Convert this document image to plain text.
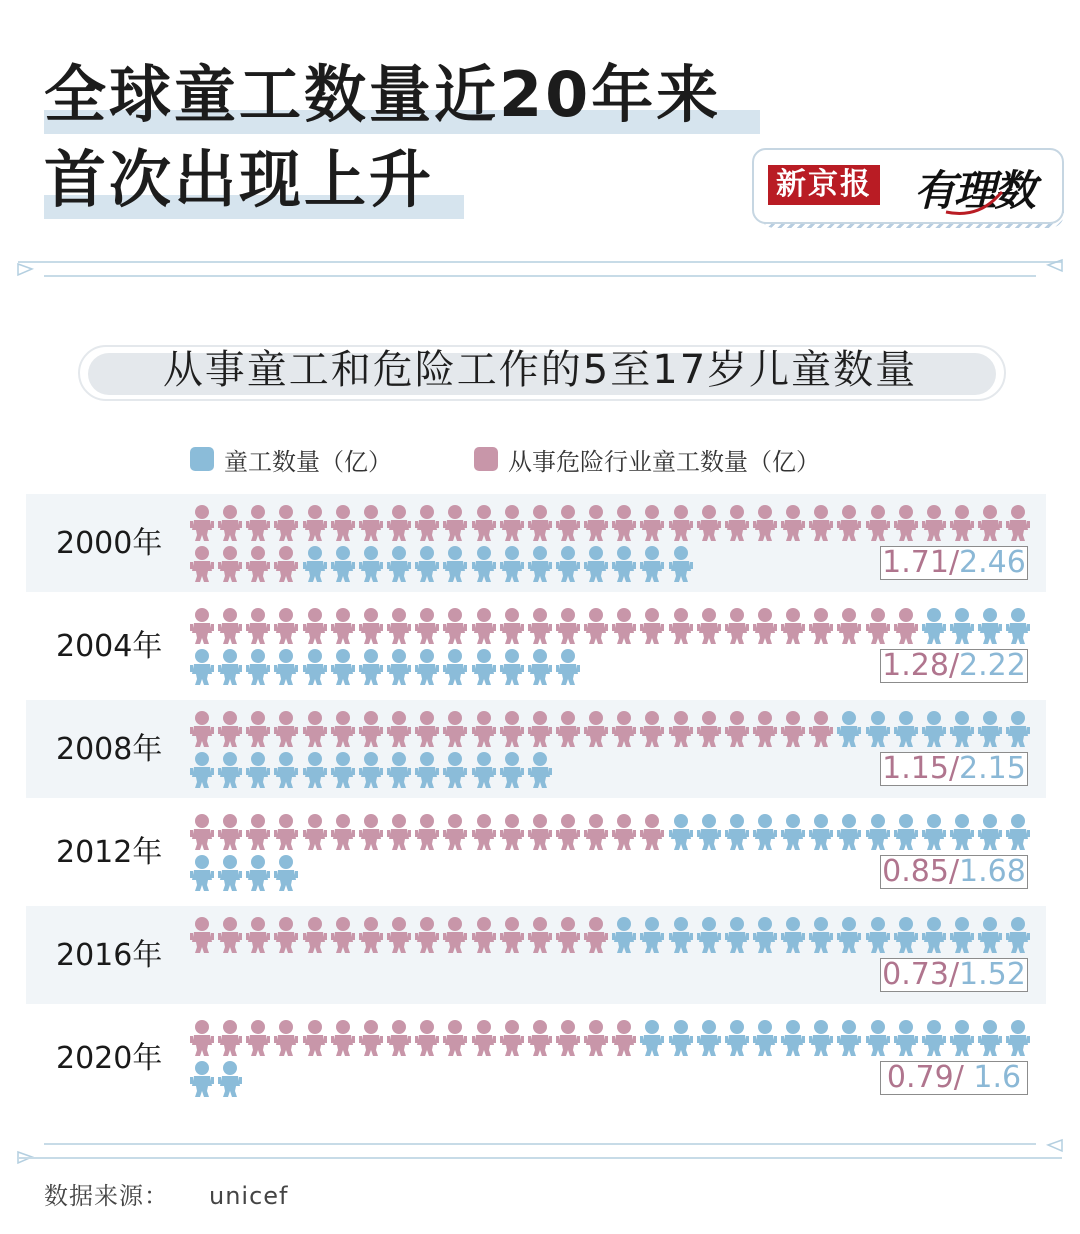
全球童工数量近20年来
首次出现上升	新京报 有理数
从事童工和危险工作的5至17岁儿童数量
童工数量（亿）	从事危险行业童工数量（亿）
2000年
1.71/2.46
2004年
1.28/2.22
2008年
1.15/2.15
2012年
0.85/1.68
2016年
0.73/1.52
2020年
0.79/ 1.6
数据来源： unicef
